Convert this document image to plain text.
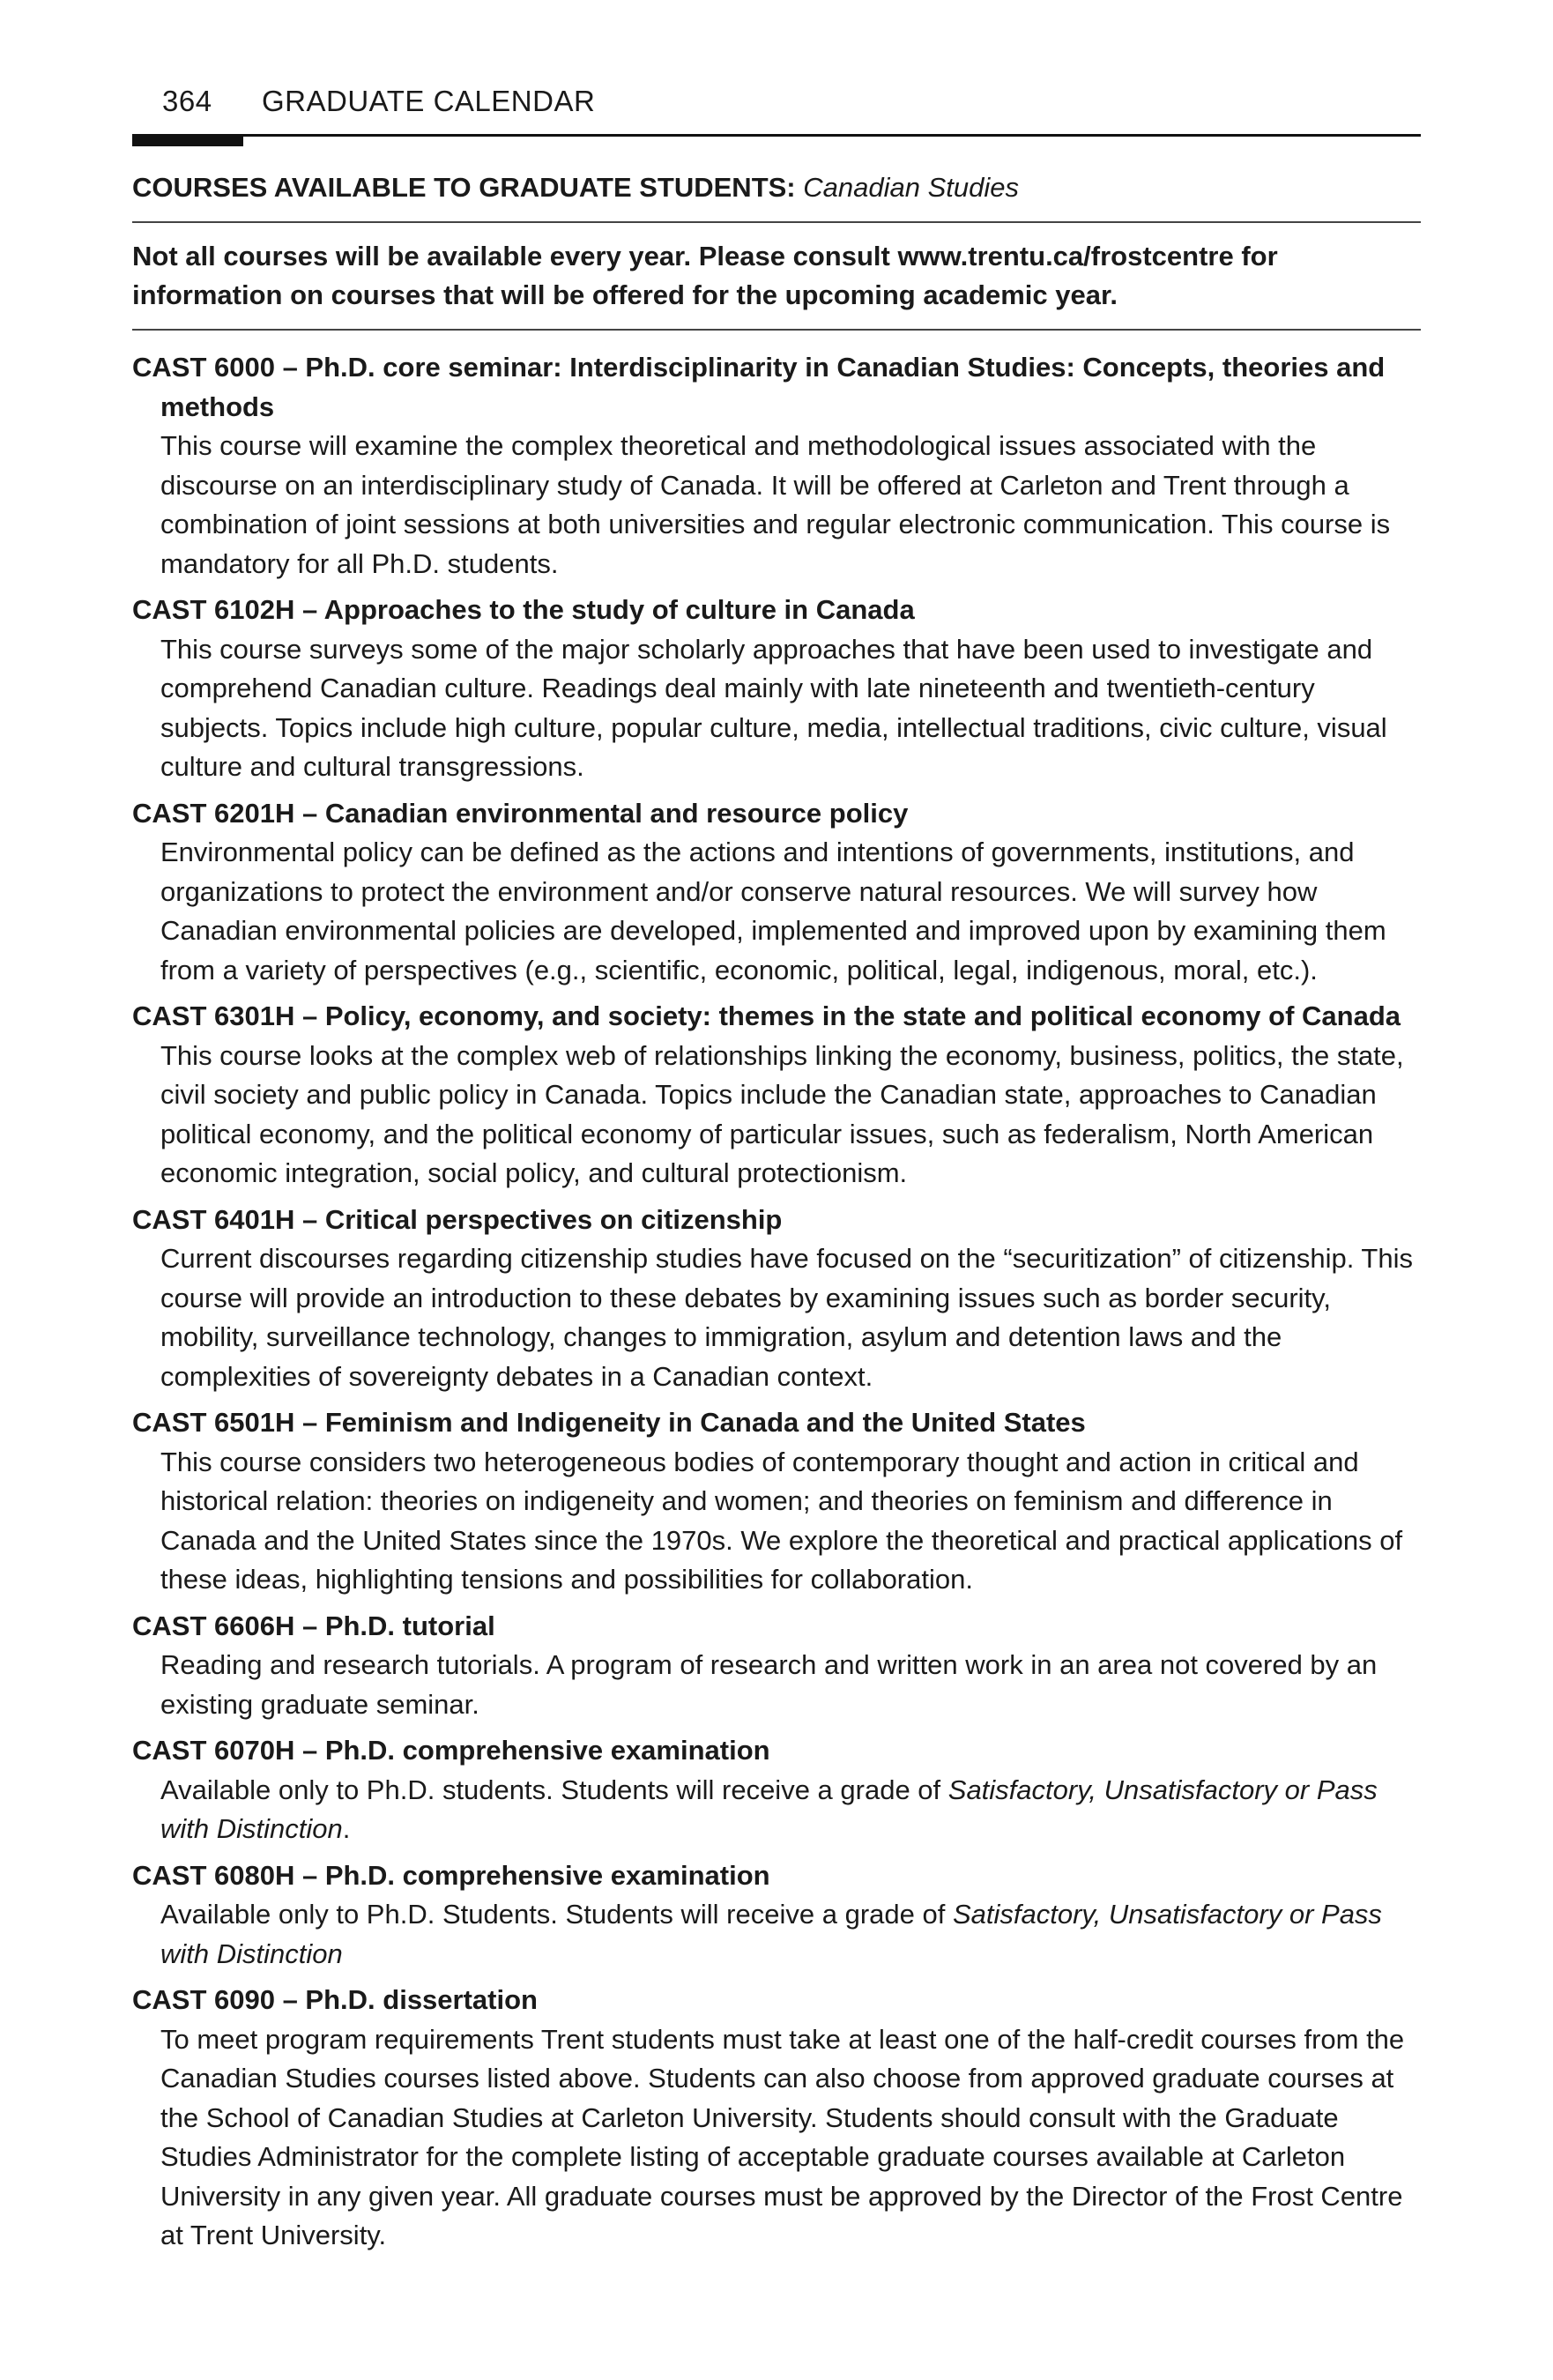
364 GRADUATE CALENDAR
COURSES AVAILABLE TO GRADUATE STUDENTS: Canadian Studies
Not all courses will be available every year. Please consult www.trentu.ca/frostcentre for information on courses that will be offered for the upcoming academic year.
CAST 6000 – Ph.D. core seminar: Interdisciplinarity in Canadian Studies: Concepts, theories and methods
This course will examine the complex theoretical and methodological issues associated with the discourse on an interdisciplinary study of Canada. It will be offered at Carleton and Trent through a combination of joint sessions at both universities and regular electronic communication. This course is mandatory for all Ph.D. students.
CAST 6102H – Approaches to the study of culture in Canada
This course surveys some of the major scholarly approaches that have been used to investigate and comprehend Canadian culture. Readings deal mainly with late nineteenth and twentieth-century subjects. Topics include high culture, popular culture, media, intellectual traditions, civic culture, visual culture and cultural transgressions.
CAST 6201H – Canadian environmental and resource policy
Environmental policy can be defined as the actions and intentions of governments, institutions, and organizations to protect the environment and/or conserve natural resources. We will survey how Canadian environmental policies are developed, implemented and improved upon by examining them from a variety of perspectives (e.g., scientific, economic, political, legal, indigenous, moral, etc.).
CAST 6301H – Policy, economy, and society: themes in the state and political economy of Canada
This course looks at the complex web of relationships linking the economy, business, politics, the state, civil society and public policy in Canada. Topics include the Canadian state, approaches to Canadian political economy, and the political economy of particular issues, such as federalism, North American economic integration, social policy, and cultural protectionism.
CAST 6401H – Critical perspectives on citizenship
Current discourses regarding citizenship studies have focused on the “securitization” of citizenship. This course will provide an introduction to these debates by examining issues such as border security, mobility, surveillance technology, changes to immigration, asylum and detention laws and the complexities of sovereignty debates in a Canadian context.
CAST 6501H – Feminism and Indigeneity in Canada and the United States
This course considers two heterogeneous bodies of contemporary thought and action in critical and historical relation: theories on indigeneity and women; and theories on feminism and difference in Canada and the United States since the 1970s. We explore the theoretical and practical applications of these ideas, highlighting tensions and possibilities for collaboration.
CAST 6606H – Ph.D. tutorial
Reading and research tutorials. A program of research and written work in an area not covered by an existing graduate seminar.
CAST 6070H – Ph.D. comprehensive examination
Available only to Ph.D. students. Students will receive a grade of Satisfactory, Unsatisfactory or Pass with Distinction.
CAST 6080H – Ph.D. comprehensive examination
Available only to Ph.D. Students. Students will receive a grade of Satisfactory, Unsatisfactory or Pass with Distinction
CAST 6090 – Ph.D. dissertation
To meet program requirements Trent students must take at least one of the half-credit courses from the Canadian Studies courses listed above. Students can also choose from approved graduate courses at the School of Canadian Studies at Carleton University. Students should consult with the Graduate Studies Administrator for the complete listing of acceptable graduate courses available at Carleton University in any given year. All graduate courses must be approved by the Director of the Frost Centre at Trent University.
